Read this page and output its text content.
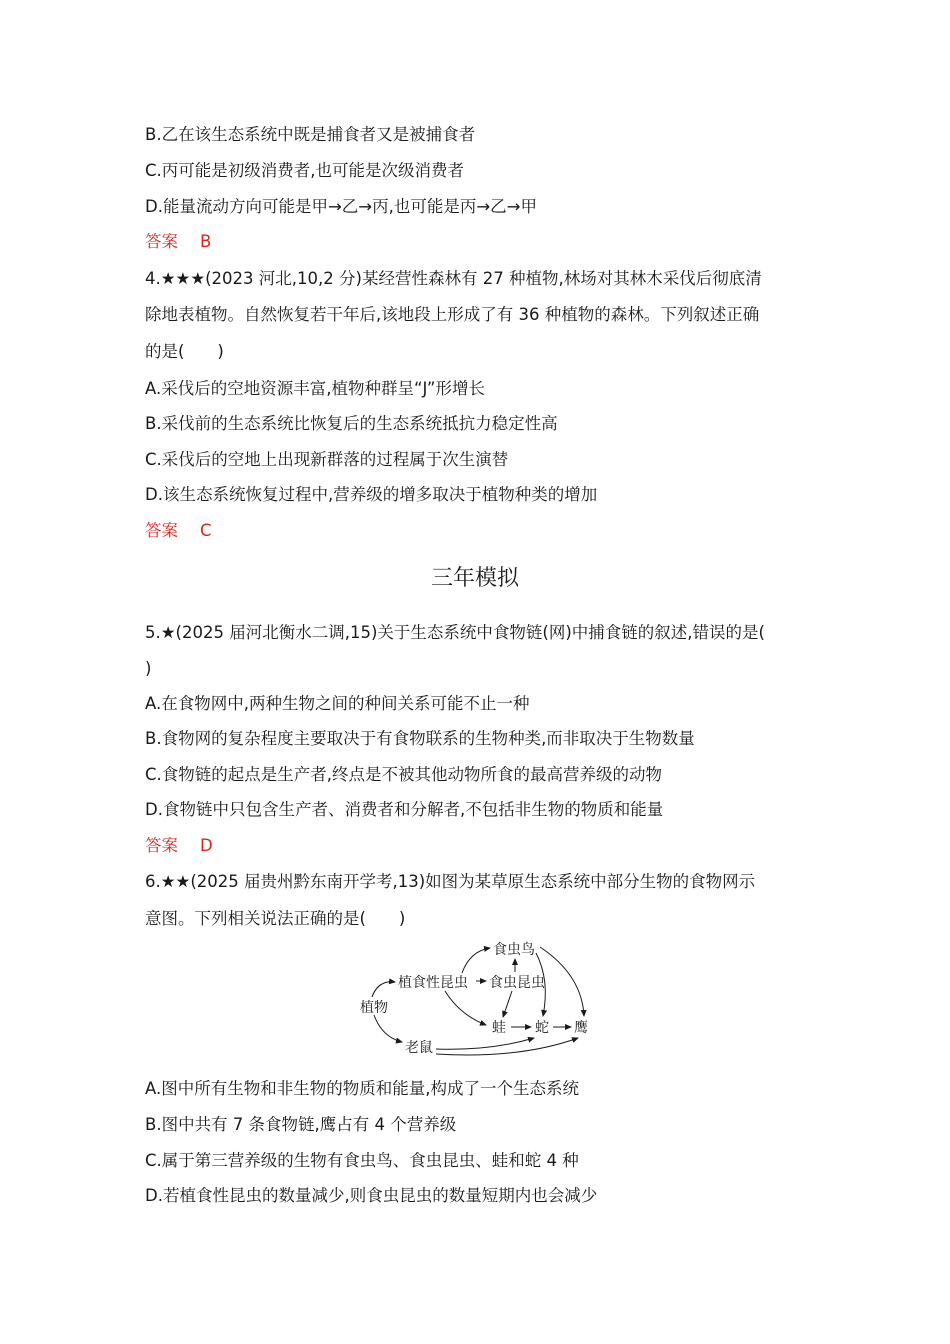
B.乙在该生态系统中既是捕食者又是被捕食者
C.丙可能是初级消费者,也可能是次级消费者
D.能量流动方向可能是甲→乙→丙,也可能是丙→乙→甲
答案 B
4.★★★(2023 河北,10,2 分)某经营性森林有 27 种植物,林场对其林木采伐后彻底清
除地表植物。自然恢复若干年后,该地段上形成了有 36 种植物的森林。下列叙述正确
的是(　　)
A.采伐后的空地资源丰富,植物种群呈“J”形增长
B.采伐前的生态系统比恢复后的生态系统抵抗力稳定性高
C.采伐后的空地上出现新群落的过程属于次生演替
D.该生态系统恢复过程中,营养级的增多取决于植物种类的增加
答案 C
三年模拟
5.★(2025 届河北衡水二调,15)关于生态系统中食物链(网)中捕食链的叙述,错误的是(
)
A.在食物网中,两种生物之间的种间关系可能不止一种
B.食物网的复杂程度主要取决于有食物联系的生物种类,而非取决于生物数量
C.食物链的起点是生产者,终点是不被其他动物所食的最高营养级的动物
D.食物链中只包含生产者、消费者和分解者,不包括非生物的物质和能量
答案 D
6.★★(2025 届贵州黔东南开学考,13)如图为某草原生态系统中部分生物的食物网示
意图。下列相关说法正确的是(　　)
植物
植食性昆虫
食虫鸟
食虫昆虫
蛙 蛇 鹰
老鼠
A.图中所有生物和非生物的物质和能量,构成了一个生态系统
B.图中共有 7 条食物链,鹰占有 4 个营养级
C.属于第三营养级的生物有食虫鸟、食虫昆虫、蛙和蛇 4 种
D.若植食性昆虫的数量减少,则食虫昆虫的数量短期内也会减少
